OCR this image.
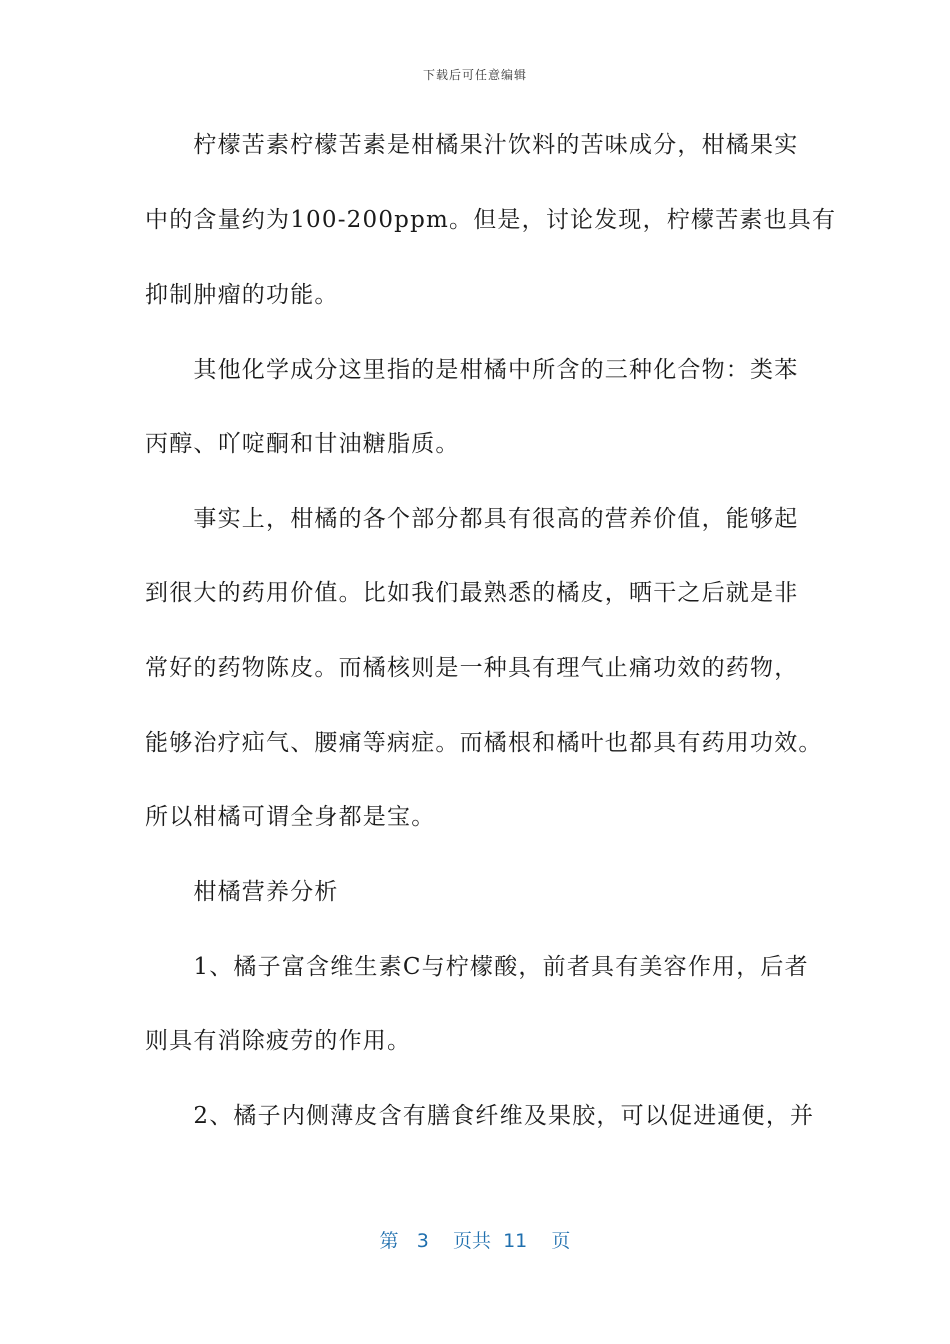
下载后可任意编辑
　　柠檬苦素柠檬苦素是柑橘果汁饮料的苦味成分，柑橘果实
中的含量约为100-200ppm。但是，讨论发现，柠檬苦素也具有
抑制肿瘤的功能。
　　其他化学成分这里指的是柑橘中所含的三种化合物：类苯
丙醇、吖啶酮和甘油糖脂质。
　　事实上，柑橘的各个部分都具有很高的营养价值，能够起
到很大的药用价值。比如我们最熟悉的橘皮，晒干之后就是非
常好的药物陈皮。而橘核则是一种具有理气止痛功效的药物，
能够治疗疝气、腰痛等病症。而橘根和橘叶也都具有药用功效。
所以柑橘可谓全身都是宝。
　　柑橘营养分析
　　1、橘子富含维生素C与柠檬酸，前者具有美容作用，后者
则具有消除疲劳的作用。
　　2、橘子内侧薄皮含有膳食纤维及果胶，可以促进通便，并
第 3 页共 11 页
